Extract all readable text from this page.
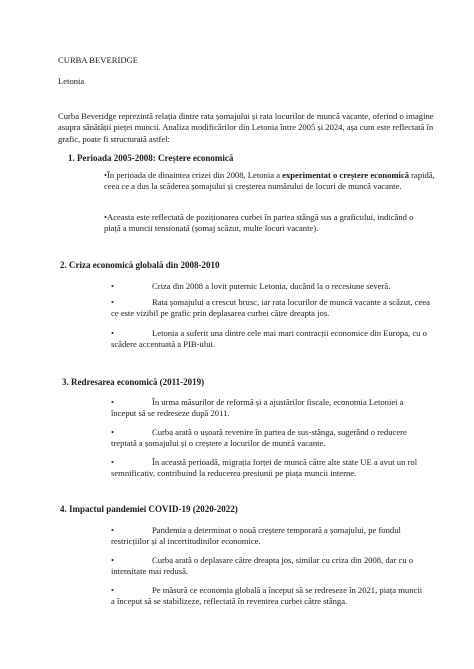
CURBA BEVERIDGE

Letonia

Curba Beveridge reprezintă relația dintre rata șomajului și rata locurilor de muncă vacante, oferind o imagine asupra sănătății pieței muncii. Analiza modificărilor din Letonia între 2005 și 2024, așa cum este reflectată în grafic, poate fi structurată astfel:

1. Perioada 2005-2008: Creștere economică

•În perioada de dinaintea crizei din 2008, Letonia a experimentat o creștere economică rapidă, ceea ce a dus la scăderea șomajului și creșterea numărului de locuri de muncă vacante.

•Aceasta este reflectată de poziționarea curbei în partea stângă sus a graficului, indicând o piață a muncii tensionată (șomaj scăzut, multe locuri vacante).

2. Criza economică globală din 2008-2010

•	Criza din 2008 a lovit puternic Letonia, ducând la o recesiune severă.

•	Rata șomajului a crescut brusc, iar rata locurilor de muncă vacante a scăzut, ceea ce este vizibil pe grafic prin deplasarea curbei către dreapta jos.

•	Letonia a suferit una dintre cele mai mari contracții economice din Europa, cu o scădere accentuată a PIB-ului.

3. Redresarea economică (2011-2019)

•	În urma măsurilor de reformă și a ajustărilor fiscale, economia Letoniei a început să se redreseze după 2011.

•	Curba arată o ușoară revenire în partea de sus-stânga, sugerând o reducere treptată a șomajului și o creștere a locurilor de muncă vacante.

•	În această perioadă, migrația forței de muncă către alte state UE a avut un rol semnificativ, contribuind la reducerea presiunii pe piața muncii interne.

4. Impactul pandemiei COVID-19 (2020-2022)

•	Pandemia a determinat o nouă creștere temporară a șomajului, pe fondul restricțiilor și al incertitudinilor economice.

•	Curba arată o deplasare către dreapta jos, similar cu criza din 2008, dar cu o intensitate mai redusă.

•	Pe măsură ce economia globală a început să se redreseze în 2021, piața muncii a început să se stabilizeze, reflectată în revenirea curbei către stânga.
